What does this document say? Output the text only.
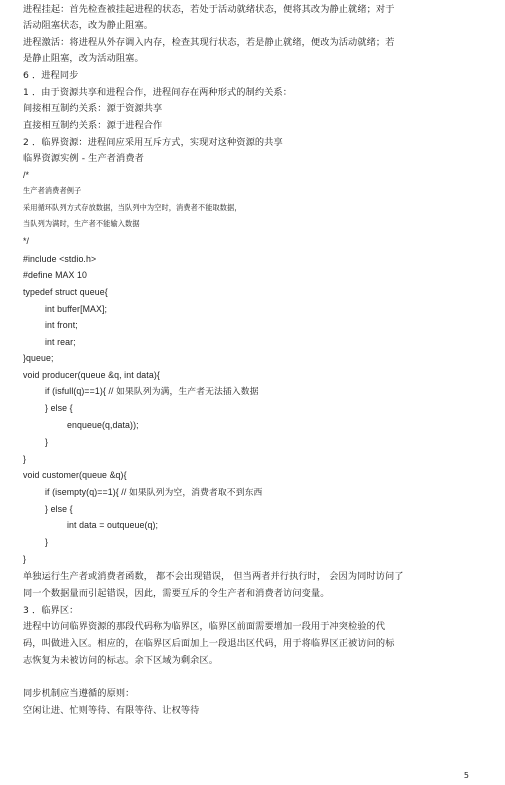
进程挂起：首先检查被挂起进程的状态，若处于活动就绪状态，便将其改为静止就绪；对于
活动阻塞状态，改为静止阻塞。
进程激活：将进程从外存调入内存，检查其现行状态，若是静止就绪，便改为活动就绪；若
是静止阻塞，改为活动阻塞。
6 ．进程同步
1 ．由于资源共享和进程合作，进程间存在两种形式的制约关系：
间接相互制约关系：源于资源共享
直接相互制约关系：源于进程合作
2 ．临界资源：进程间应采用互斥方式，实现对这种资源的共享
临界资源实例 - 生产者消费者
/*
生产者消费者例子
采用循环队列方式存放数据，当队列中为空时，消费者不能取数据，
当队列为满时，生产者不能输入数据
*/
#include <stdio.h>
#define MAX 10
typedef struct queue{
int buffer[MAX];
int front;
int rear;
}queue;
void producer(queue &q, int data){
if (isfull(q)==1){ // 如果队列为满，生产者无法插入数据
} else {
enqueue(q,data));
}
}
void customer(queue &q){
if (isempty(q)==1){ // 如果队列为空，消费者取不到东西
} else {
int data = outqueue(q);
}
}
单独运行生产者或消费者函数， 都不会出现错误， 但当两者并行执行时， 会因为同时访问了
同一个数据量而引起错误，因此，需要互斥的令生产者和消费者访问变量。
3 ．临界区：
进程中访问临界资源的那段代码称为临界区，临界区前面需要增加一段用于冲突检验的代
码，叫做进入区。相应的，在临界区后面加上一段退出区代码，用于将临界区正被访问的标
志恢复为未被访问的标志。余下区域为剩余区。
同步机制应当遵循的原则：
空闲让进、忙则等待、有限等待、让权等待
5
